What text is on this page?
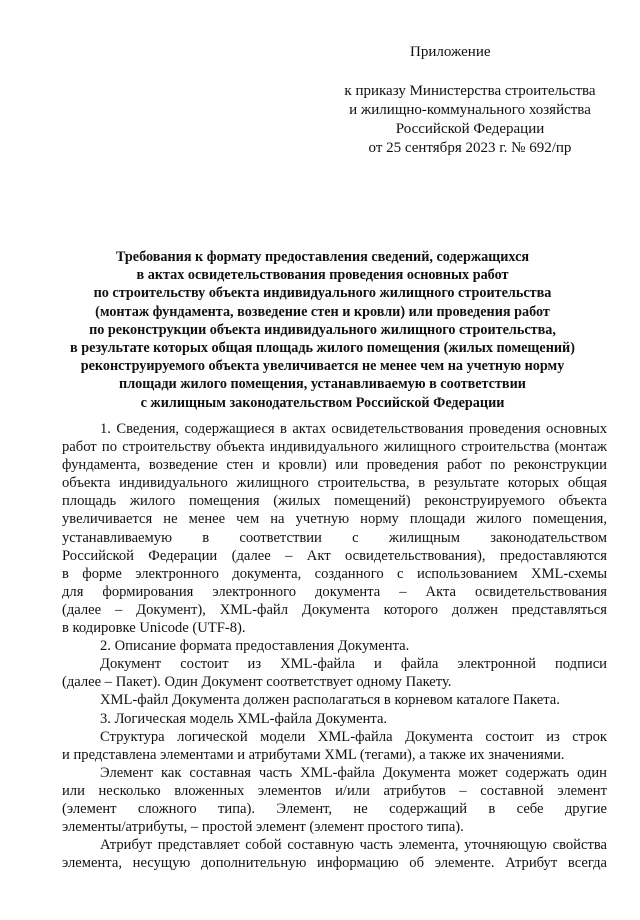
Приложение
к приказу Министерства строительства
и жилищно-коммунального хозяйства
Российской Федерации
от 25 сентября 2023 г. № 692/пр
Требования к формату предоставления сведений, содержащихся
в актах освидетельствования проведения основных работ
по строительству объекта индивидуального жилищного строительства
(монтаж фундамента, возведение стен и кровли) или проведения работ
по реконструкции объекта индивидуального жилищного строительства,
в результате которых общая площадь жилого помещения (жилых помещений)
реконструируемого объекта увеличивается не менее чем на учетную норму
площади жилого помещения, устанавливаемую в соответствии
с жилищным законодательством Российской Федерации
1. Сведения, содержащиеся в актах освидетельствования проведения основных
работ по строительству объекта индивидуального жилищного строительства (монтаж
фундамента, возведение стен и кровли) или проведения работ по реконструкции
объекта индивидуального жилищного строительства, в результате которых общая
площадь жилого помещения (жилых помещений) реконструируемого объекта
увеличивается не менее чем на учетную норму площади жилого помещения,
устанавливаемую в соответствии с жилищным законодательством
Российской Федерации (далее – Акт освидетельствования), предоставляются
в форме электронного документа, созданного с использованием XML-схемы
для формирования электронного документа – Акта освидетельствования
(далее – Документ), XML-файл Документа которого должен представляться
в кодировке Unicode (UTF-8).
2. Описание формата предоставления Документа.
Документ состоит из XML-файла и файла электронной подписи
(далее – Пакет). Один Документ соответствует одному Пакету.
XML-файл Документа должен располагаться в корневом каталоге Пакета.
3. Логическая модель XML-файла Документа.
Структура логической модели XML-файла Документа состоит из строк
и представлена элементами и атрибутами XML (тегами), а также их значениями.
Элемент как составная часть XML-файла Документа может содержать один
или несколько вложенных элементов и/или атрибутов – составной элемент
(элемент сложного типа). Элемент, не содержащий в себе другие
элементы/атрибуты, – простой элемент (элемент простого типа).
Атрибут представляет собой составную часть элемента, уточняющую свойства
элемента, несущую дополнительную информацию об элементе. Атрибут всегда
